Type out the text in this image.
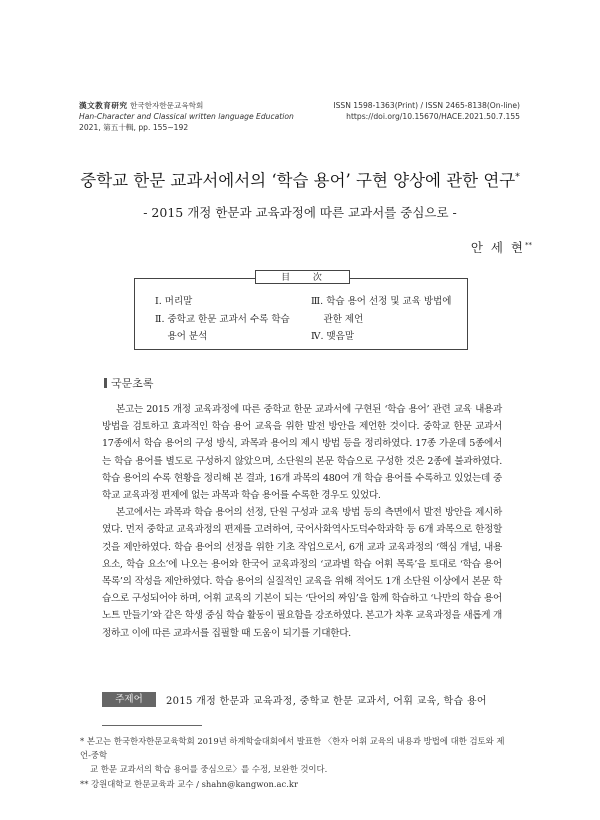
漢文教育研究 한국한자한문교육학회
Han-Character and Classical written language Education
2021, 第五十輯, pp. 155~192
ISSN 1598-1363(Print) / ISSN 2465-8138(On-line)
https://doi.org/10.15670/HACE.2021.50.7.155
중학교 한문 교과서에서의 ‘학습 용어’ 구현 양상에 관한 연구*
- 2015 개정 한문과 교육과정에 따른 교과서를 중심으로 -
안 세 현**
目 次
Ⅰ. 머리말
Ⅱ. 중학교 한문 교과서 수록 학습
　 용어 분석
Ⅲ. 학습 용어 선정 및 교육 방법에
　 관한 제언
Ⅳ. 맺음말
국문초록

본고는 2015 개정 교육과정에 따른 중학교 한문 교과서에 구현된 ‘학습 용어’ 관련 교육 내용과 방법을 검토하고 효과적인 학습 용어 교육을 위한 발전 방안을 제언한 것이다. 중학교 한문 교과서 17종에서 학습 용어의 구성 방식, 과목과 용어의 제시 방법 등을 정리하였다. 17종 가운데 5종에서는 학습 용어를 별도로 구성하지 않았으며, 소단원의 본문 학습으로 구성한 것은 2종에 불과하였다. 학습 용어의 수록 현황을 정리해 본 결과, 16개 과목의 480여 개 학습 용어를 수록하고 있었는데 중학교 교육과정 편제에 없는 과목과 학습 용어를 수록한 경우도 있었다.

본고에서는 과목과 학습 용어의 선정, 단원 구성과 교육 방법 등의 측면에서 발전 방안을 제시하였다. 먼저 중학교 교육과정의 편제를 고려하여, 국어사화역사도덕수학과학 등 6개 과목으로 한정할 것을 제안하였다. 학습 용어의 선정을 위한 기초 작업으로서, 6개 교과 교육과정의 ‘핵심 개념, 내용 요소, 학습 요소’에 나오는 용어와 한국어 교육과정의 ‘교과별 학습 어휘 목록’을 토대로 ‘학습 용어 목록’의 작성을 제안하였다. 학습 용어의 실질적인 교육을 위해 적어도 1개 소단원 이상에서 본문 학습으로 구성되어야 하며, 어휘 교육의 기본이 되는 ‘단어의 짜임’을 함께 학습하고 ‘나만의 학습 용어 노트 만들기’와 같은 학생 중심 학습 활동이 필요함을 강조하였다. 본고가 차후 교육과정을 새롭게 개정하고 이에 따른 교과서를 집필할 때 도움이 되기를 기대한다.

주제어 2015 개정 한문과 교육과정, 중학교 한문 교과서, 어휘 교육, 학습 용어
* 본고는 한국한자한문교육학회 2019년 하계학술대회에서 발표한 〈한자 어휘 교육의 내용과 방법에 대한 검토와 제언-중학
교 한문 교과서의 학습 용어를 중심으로〉를 수정, 보완한 것이다.
** 강원대학교 한문교육과 교수 / shahn@kangwon.ac.kr
